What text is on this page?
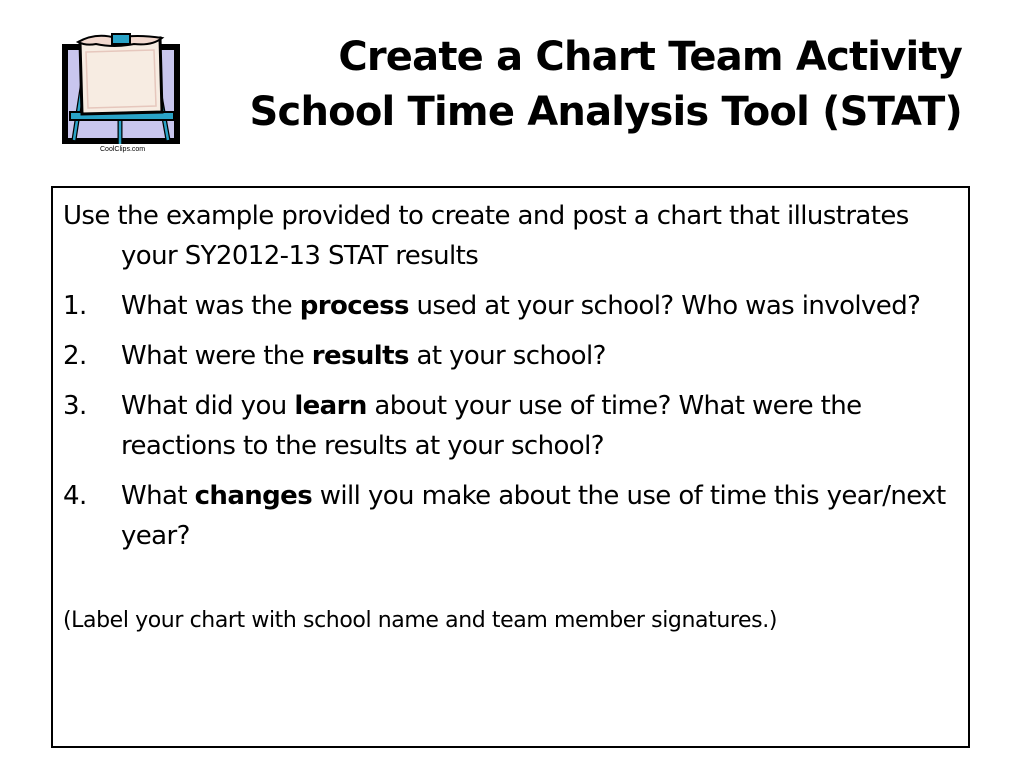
CoolClips.com
Create a Chart Team Activity
School Time Analysis Tool (STAT)
Use the example provided to create and post a chart that illustrates your SY2012-13 STAT results
1.	What was the process used at your school? Who was involved?
2.	What were the results at your school?
3.	What did you learn about your use of time? What were the reactions to the results at your school?
4.	What changes will you make about the use of time this year/next year?
(Label your chart with school name and team member signatures.)
